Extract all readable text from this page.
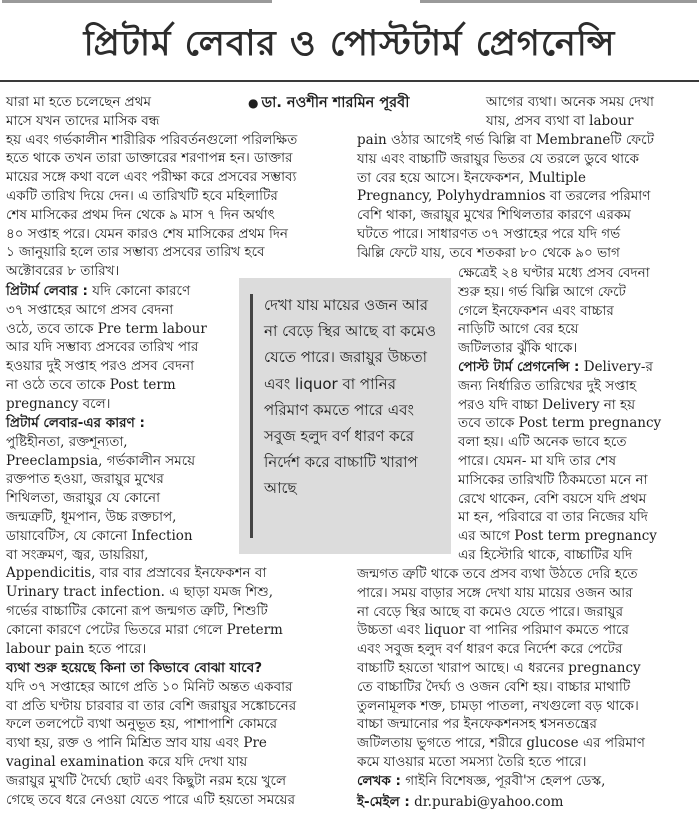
প্রিটার্ম লেবার ও পোস্টটার্ম প্রেগনেন্সি
● ডা. নওশীন শারমিন পূরবী
যারা মা হতে চলেছেন প্রথম
মাসে যখন তাদের মাসিক বন্ধ
হয় এবং গর্ভকালীন শারীরিক পরিবর্তনগুলো পরিলক্ষিত
হতে থাকে তখন তারা ডাক্তারের শরণাপন্ন হন। ডাক্তার
মায়ের সঙ্গে কথা বলে এবং পরীক্ষা করে প্রসবের সম্ভাব্য
একটি তারিখ দিয়ে দেন। এ তারিখটি হবে মহিলাটির
শেষ মাসিকের প্রথম দিন থেকে ৯ মাস ৭ দিন অর্থাৎ
৪০ সপ্তাহ পরে। যেমন কারও শেষ মাসিকের প্রথম দিন
১ জানুয়ারি হলে তার সম্ভাব্য প্রসবের তারিখ হবে
অক্টোবরের ৮ তারিখ।
প্রিটার্ম লেবার : যদি কোনো কারণে
৩৭ সপ্তাহের আগে প্রসব বেদনা
ওঠে, তবে তাকে Pre term labour
আর যদি সম্ভাব্য প্রসবের তারিখ পার
হওয়ার দুই সপ্তাহ পরও প্রসব বেদনা
না ওঠে তবে তাকে Post term
pregnancy বলে।
প্রিটার্ম লেবার-এর কারণ :
পুষ্টিহীনতা, রক্তশূন্যতা,
Preeclampsia, গর্ভকালীন সময়ে
রক্তপাত হওয়া, জরায়ুর মুখের
শিথিলতা, জরায়ুর যে কোনো
জন্মত্রুটি, ধূমপান, উচ্চ রক্তচাপ,
ডায়াবেটিস, যে কোনো Infection
বা সংক্রমণ, জ্বর, ডায়রিয়া,
Appendicitis, বার বার প্রস্রাবের ইনফেকশন বা
Urinary tract infection. এ ছাড়া যমজ শিশু,
গর্ভের বাচ্চাটির কোনো রূপ জন্মগত ত্রুটি, শিশুটি
কোনো কারণে পেটের ভিতরে মারা গেলে Preterm
labour pain হতে পারে।
ব্যথা শুরু হয়েছে কিনা তা কিভাবে বোঝা যাবে?
যদি ৩৭ সপ্তাহের আগে প্রতি ১০ মিনিট অন্তত একবার
বা প্রতি ঘণ্টায় চারবার বা তার বেশি জরায়ুর সঙ্কোচনের
ফলে তলপেটে ব্যথা অনুভূত হয়, পাশাপাশি কোমরে
ব্যথা হয়, রক্ত ও পানি মিশ্রিত স্রাব যায় এবং Pre
vaginal examination করে যদি দেখা যায়
জরায়ুর মুখটি দৈর্ঘ্যে ছোট এবং কিছুটা নরম হয়ে খুলে
গেছে তবে ধরে নেওয়া যেতে পারে এটি হয়তো সময়ের
আগের ব্যথা। অনেক সময় দেখা
যায়, প্রসব ব্যথা বা labour
pain ওঠার আগেই গর্ভ ঝিল্লি বা Membraneটি ফেটে
যায় এবং বাচ্চাটি জরায়ুর ভিতর যে তরলে ডুবে থাকে
তা বের হয়ে আসে। ইনফেকশন, Multiple
Pregnancy, Polyhydramnios বা তরলের পরিমাণ
বেশি থাকা, জরায়ুর মুখের শিথিলতার কারণে এরকম
ঘটতে পারে। সাধারণত ৩৭ সপ্তাহের পরে যদি গর্ভ
ঝিল্লি ফেটে যায়, তবে শতকরা ৮০ থেকে ৯০ ভাগ
ক্ষেত্রেই ২৪ ঘণ্টার মধ্যে প্রসব বেদনা
শুরু হয়। গর্ভ ঝিল্লি আগে ফেটে
গেলে ইনফেকশন এবং বাচ্চার
নাড়িটি আগে বের হয়ে
জটিলতার ঝুঁকি থাকে।
পোস্ট টার্ম প্রেগনেন্সি : Delivery-র
জন্য নির্ধারিত তারিখের দুই সপ্তাহ
পরও যদি বাচ্চা Delivery না হয়
তবে তাকে Post term pregnancy
বলা হয়। এটি অনেক ভাবে হতে
পারে। যেমন- মা যদি তার শেষ
মাসিকের তারিখটি ঠিকমতো মনে না
রেখে থাকেন, বেশি বয়সে যদি প্রথম
মা হন, পরিবারে বা তার নিজের যদি
এর আগে Post term pregnancy
এর হিস্টোরি থাকে, বাচ্চাটির যদি
জন্মগত ত্রুটি থাকে তবে প্রসব ব্যথা উঠতে দেরি হতে
পারে। সময় বাড়ার সঙ্গে দেখা যায় মায়ের ওজন আর
না বেড়ে স্থির আছে বা কমেও যেতে পারে। জরায়ুর
উচ্চতা এবং liquor বা পানির পরিমাণ কমতে পারে
এবং সবুজ হলুদ বর্ণ ধারণ করে নির্দেশ করে পেটের
বাচ্চাটি হয়তো খারাপ আছে। এ ধরনের pregnancy
তে বাচ্চাটির দৈর্ঘ্য ও ওজন বেশি হয়। বাচ্চার মাথাটি
তুলনামূলক শক্ত, চামড়া পাতলা, নখগুলো বড় থাকে।
বাচ্চা জন্মানোর পর ইনফেকশনসহ শ্বসনতন্ত্রের
জটিলতায় ভুগতে পারে, শরীরে glucose এর পরিমাণ
কমে যাওয়ার মতো সমস্যা তৈরি হতে পারে।
লেখক : গাইনি বিশেষজ্ঞ, পূরবী'স হেলপ ডেস্ক,
ই-মেইল : dr.purabi@yahoo.com

দেখা যায় মায়ের ওজন আর না বেড়ে স্থির আছে বা কমেও যেতে পারে। জরায়ুর উচ্চতা এবং liquor বা পানির পরিমাণ কমতে পারে এবং সবুজ হলুদ বর্ণ ধারণ করে নির্দেশ করে বাচ্চাটি খারাপ আছে
